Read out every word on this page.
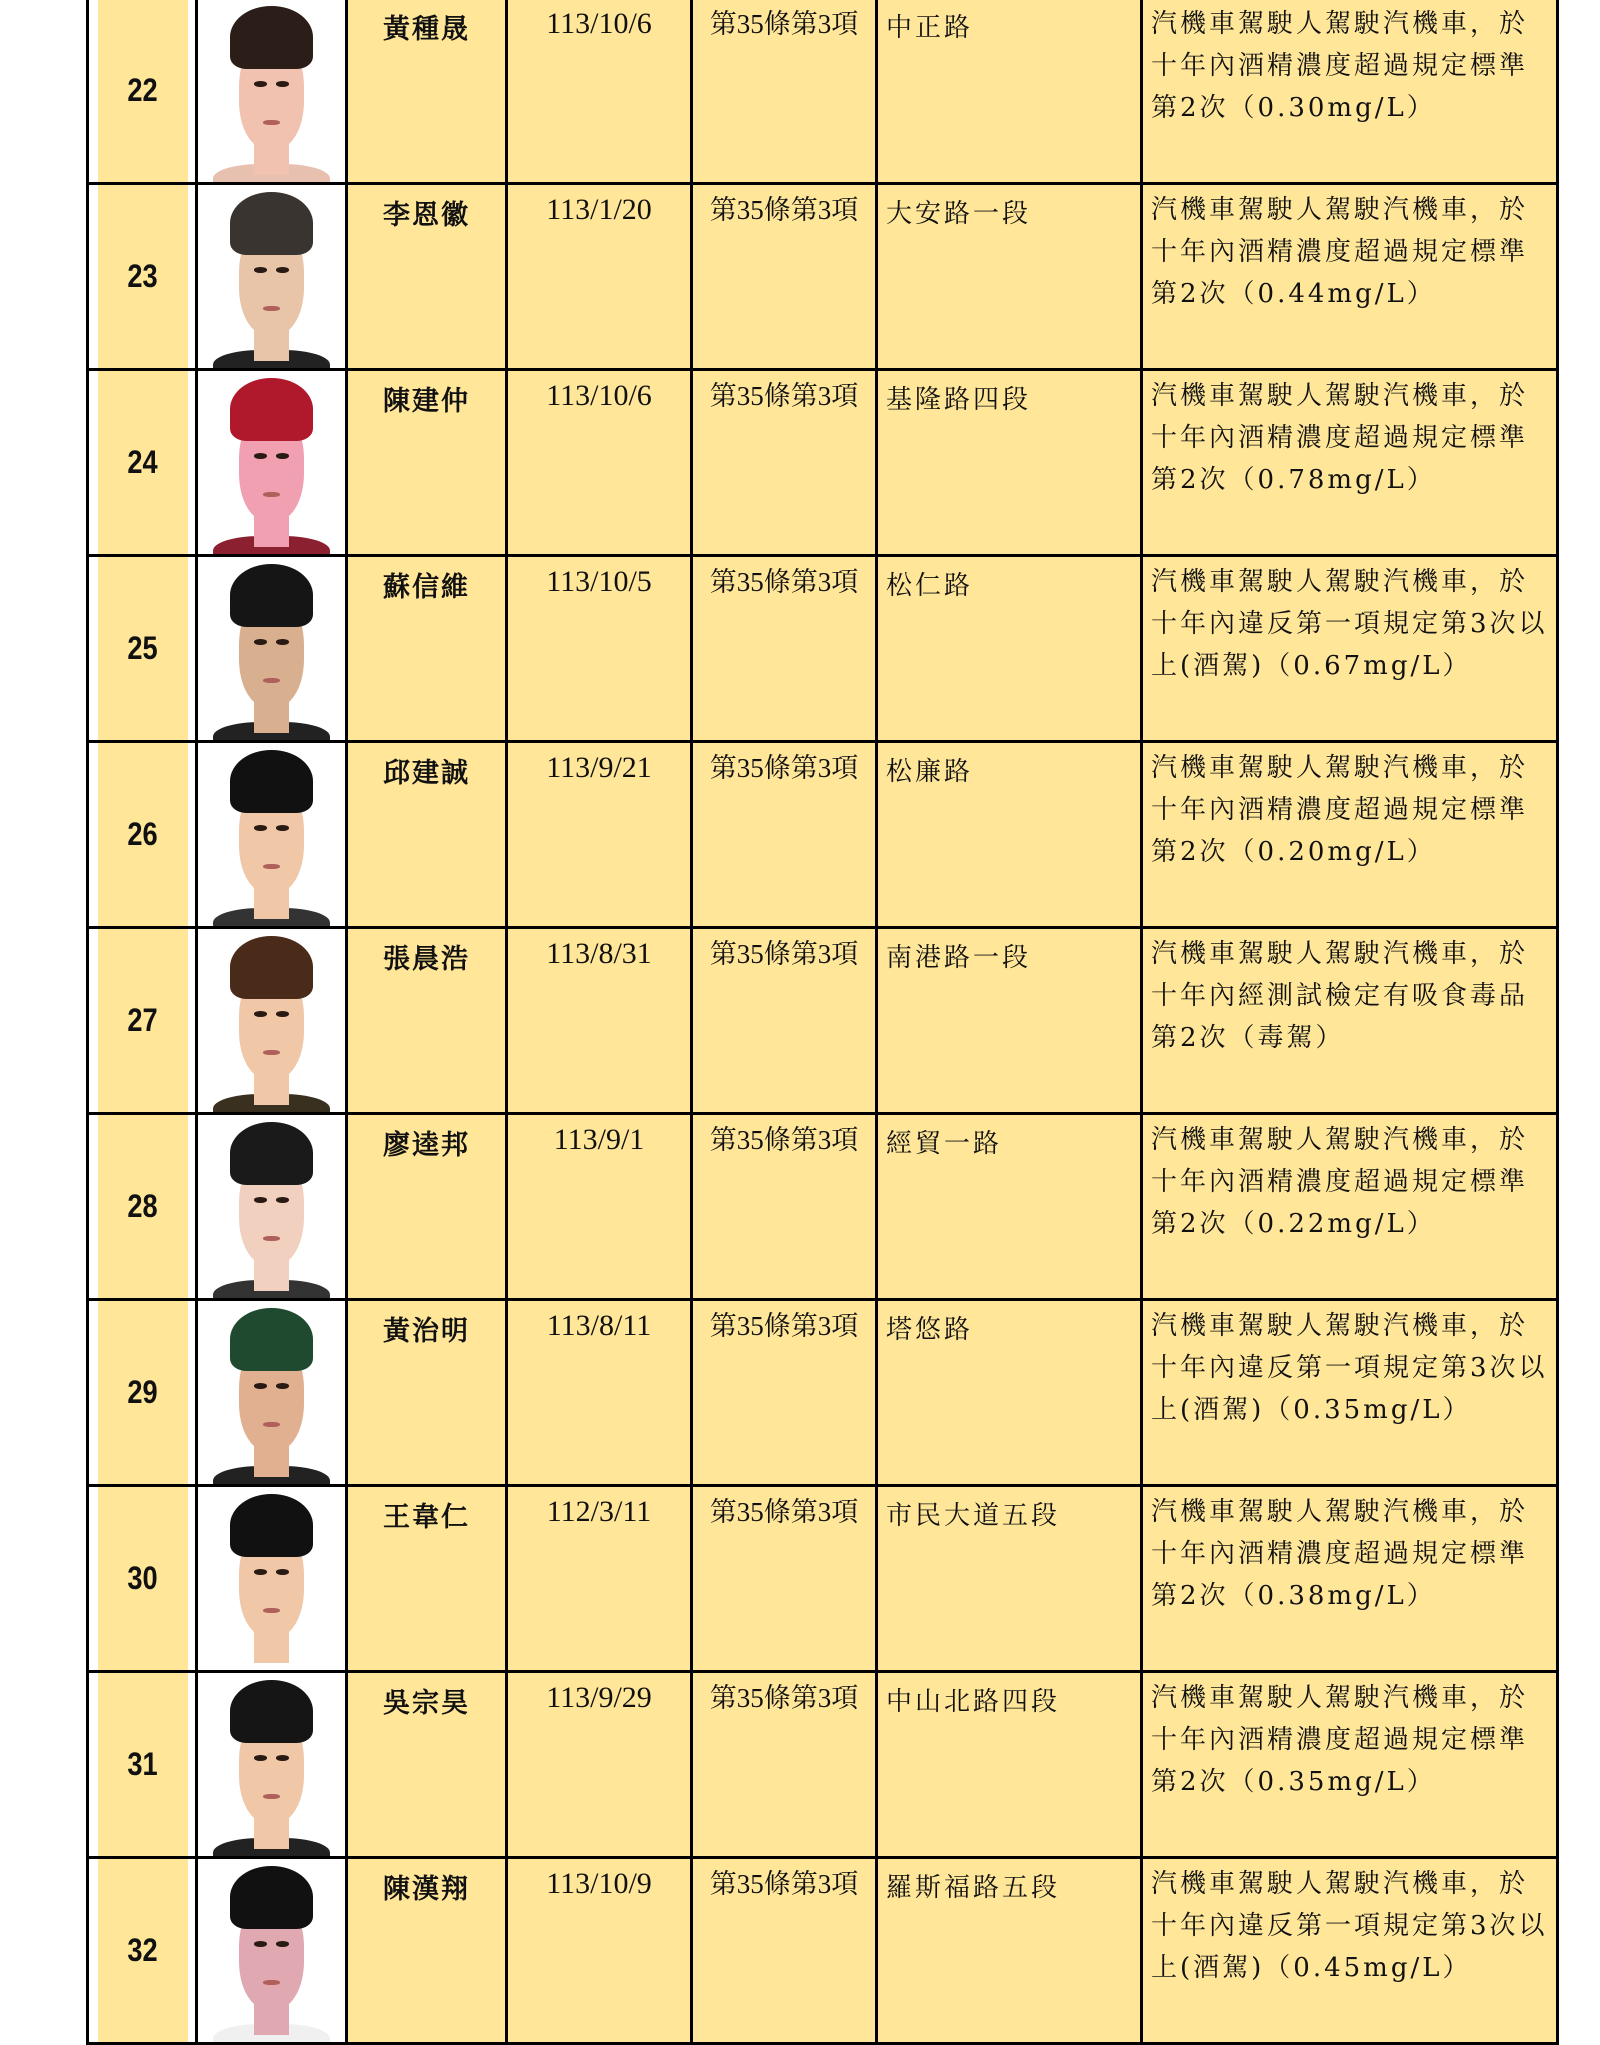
22		黃種晟	113/10/6	第35條第3項	中正路	汽機車駕駛人駕駛汽機車，於十年內酒精濃度超過規定標準第2次（0.30mg/L）
23		李恩徽	113/1/20	第35條第3項	大安路一段	汽機車駕駛人駕駛汽機車，於十年內酒精濃度超過規定標準第2次（0.44mg/L）
24		陳建仲	113/10/6	第35條第3項	基隆路四段	汽機車駕駛人駕駛汽機車，於十年內酒精濃度超過規定標準第2次（0.78mg/L）
25		蘇信維	113/10/5	第35條第3項	松仁路	汽機車駕駛人駕駛汽機車，於十年內違反第一項規定第3次以上(酒駕)（0.67mg/L）
26		邱建誠	113/9/21	第35條第3項	松廉路	汽機車駕駛人駕駛汽機車，於十年內酒精濃度超過規定標準第2次（0.20mg/L）
27		張晨浩	113/8/31	第35條第3項	南港路一段	汽機車駕駛人駕駛汽機車，於十年內經測試檢定有吸食毒品第2次（毒駕）
28		廖逵邦	113/9/1	第35條第3項	經貿一路	汽機車駕駛人駕駛汽機車，於十年內酒精濃度超過規定標準第2次（0.22mg/L）
29		黃治明	113/8/11	第35條第3項	塔悠路	汽機車駕駛人駕駛汽機車，於十年內違反第一項規定第3次以上(酒駕)（0.35mg/L）
30		王韋仁	112/3/11	第35條第3項	市民大道五段	汽機車駕駛人駕駛汽機車，於十年內酒精濃度超過規定標準第2次（0.38mg/L）
31		吳宗昊	113/9/29	第35條第3項	中山北路四段	汽機車駕駛人駕駛汽機車，於十年內酒精濃度超過規定標準第2次（0.35mg/L）
32		陳漢翔	113/10/9	第35條第3項	羅斯福路五段	汽機車駕駛人駕駛汽機車，於十年內違反第一項規定第3次以上(酒駕)（0.45mg/L）
